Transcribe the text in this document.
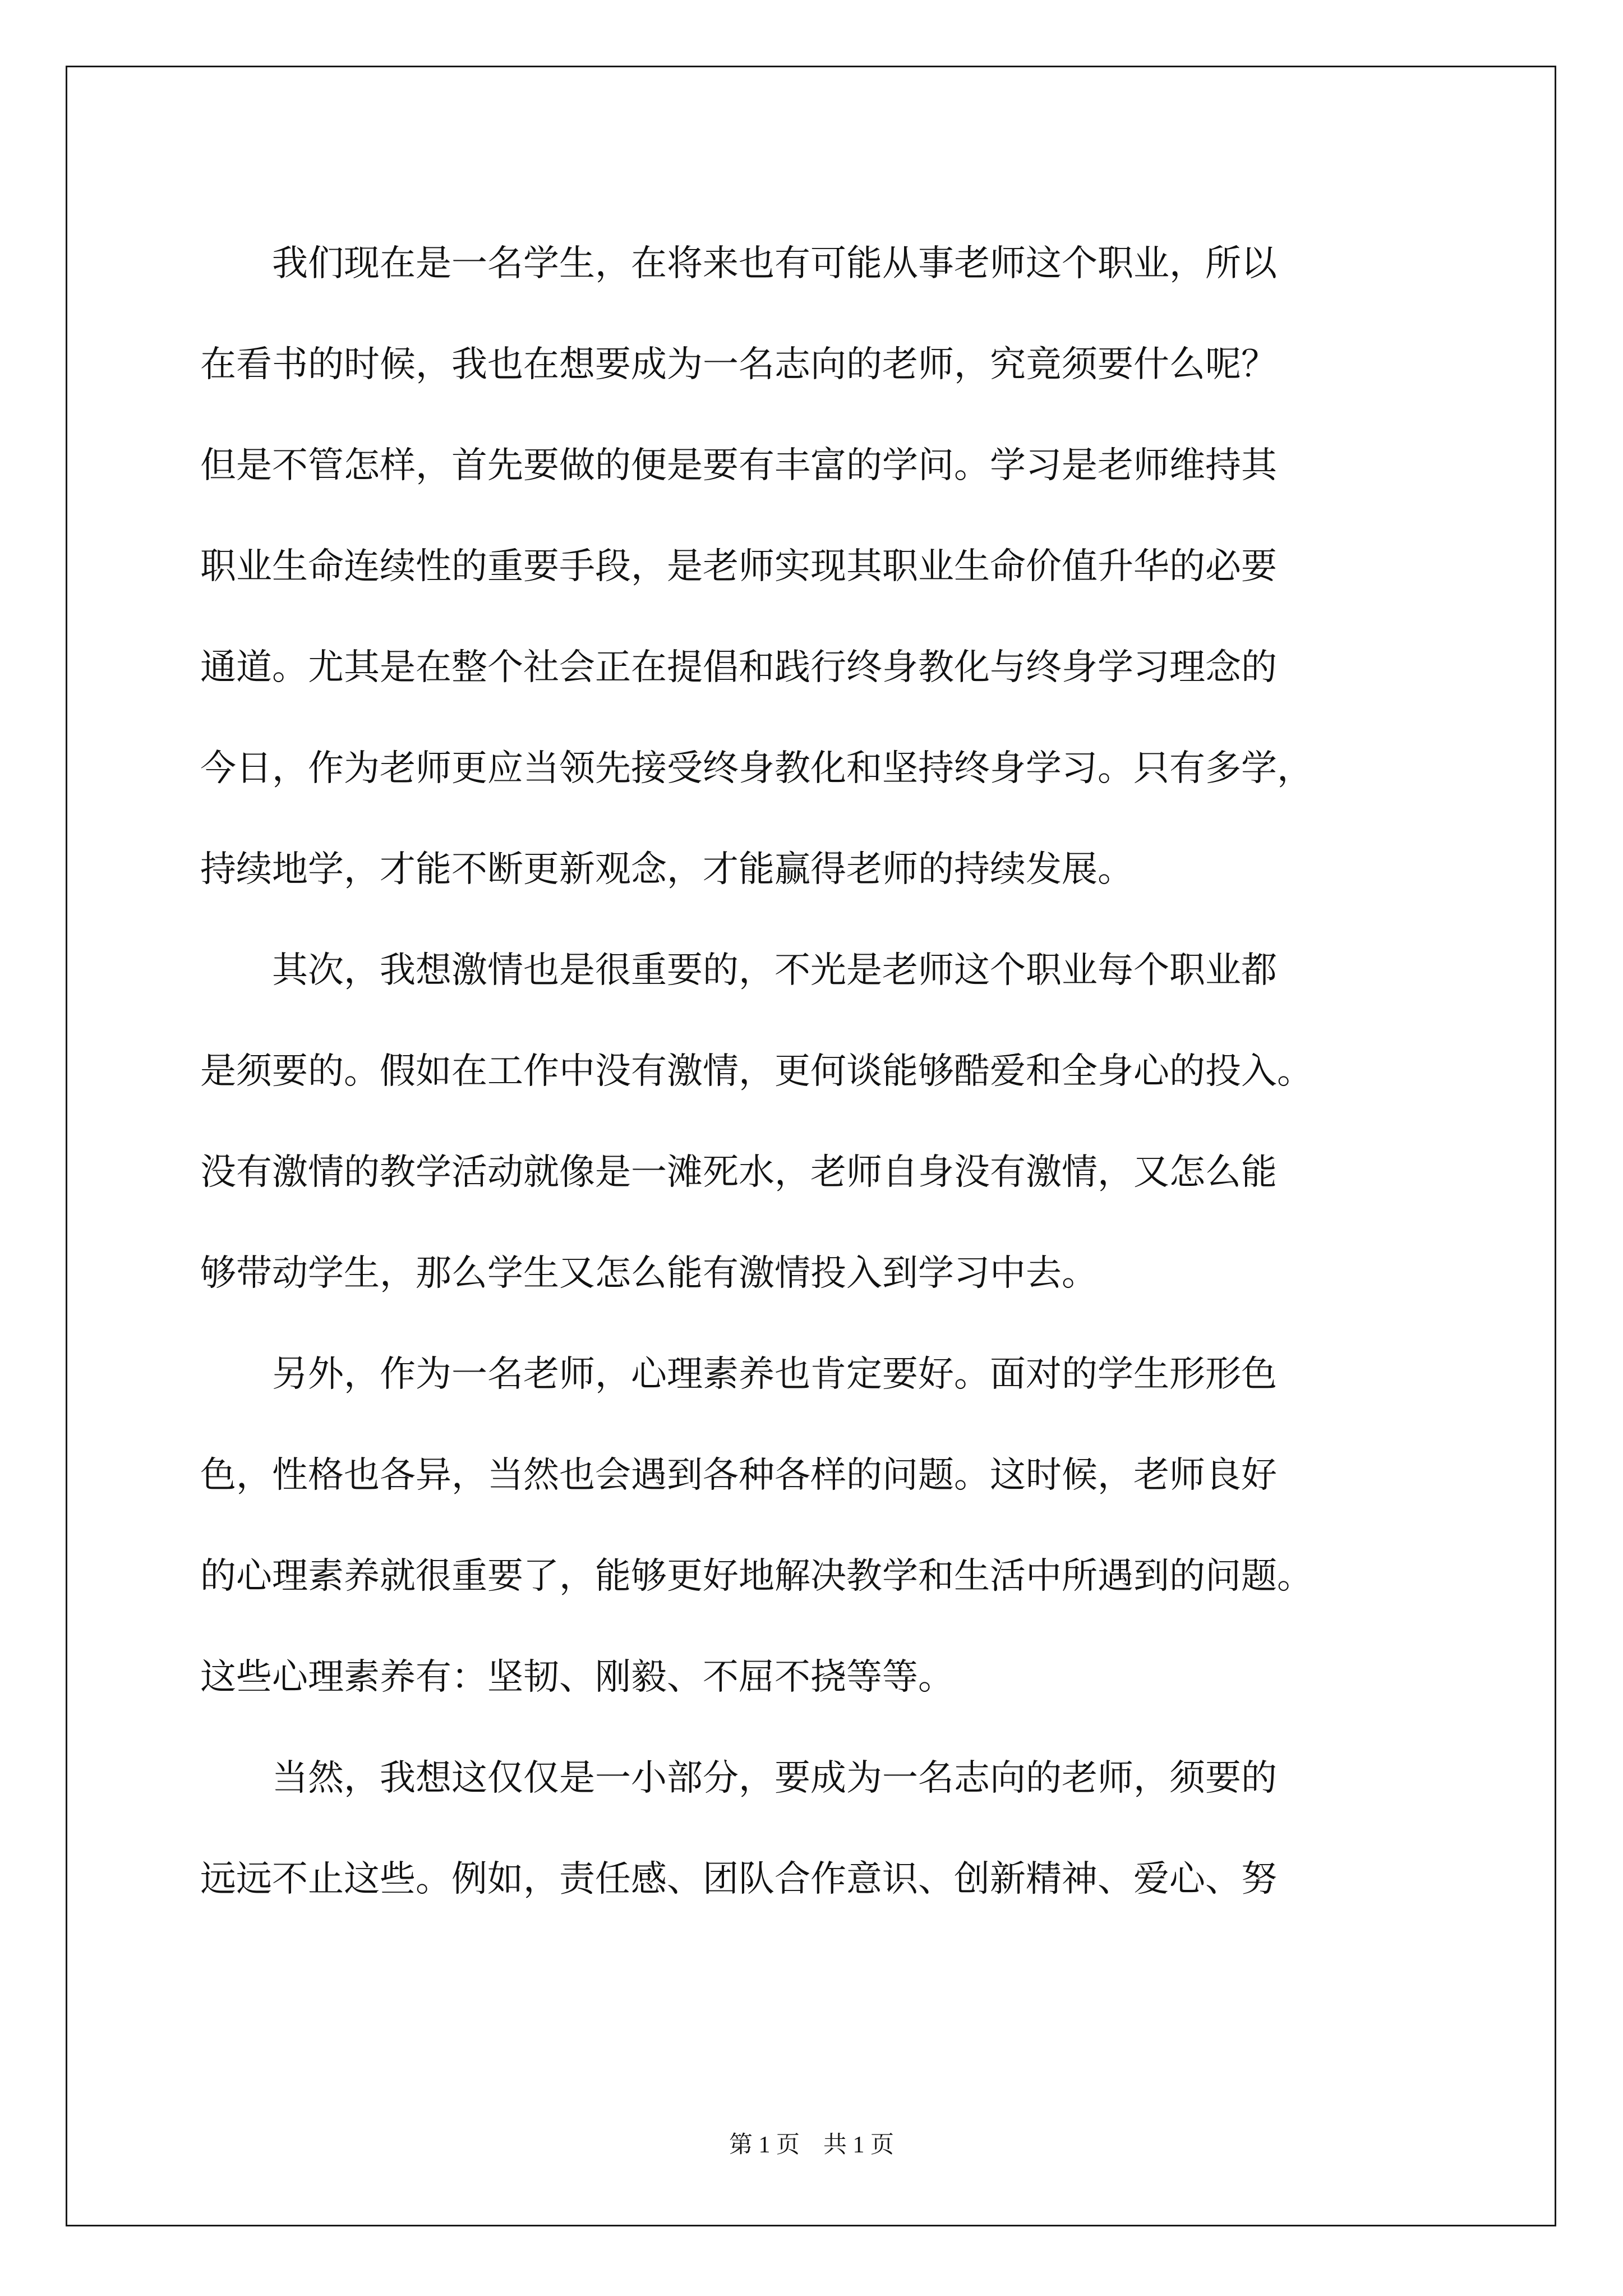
　　我们现在是一名学生，在将来也有可能从事老师这个职业，所以
在看书的时候，我也在想要成为一名志向的老师，究竟须要什么呢？
但是不管怎样，首先要做的便是要有丰富的学问。学习是老师维持其
职业生命连续性的重要手段，是老师实现其职业生命价值升华的必要
通道。尤其是在整个社会正在提倡和践行终身教化与终身学习理念的
今日，作为老师更应当领先接受终身教化和坚持终身学习。只有多学，
持续地学，才能不断更新观念，才能赢得老师的持续发展。
　　其次，我想激情也是很重要的，不光是老师这个职业每个职业都
是须要的。假如在工作中没有激情，更何谈能够酷爱和全身心的投入。
没有激情的教学活动就像是一滩死水，老师自身没有激情，又怎么能
够带动学生，那么学生又怎么能有激情投入到学习中去。
　　另外，作为一名老师，心理素养也肯定要好。面对的学生形形色
色，性格也各异，当然也会遇到各种各样的问题。这时候，老师良好
的心理素养就很重要了，能够更好地解决教学和生活中所遇到的问题。
这些心理素养有：坚韧、刚毅、不屈不挠等等。
　　当然，我想这仅仅是一小部分，要成为一名志向的老师，须要的
远远不止这些。例如，责任感、团队合作意识、创新精神、爱心、努
第 1 页　共 1 页
